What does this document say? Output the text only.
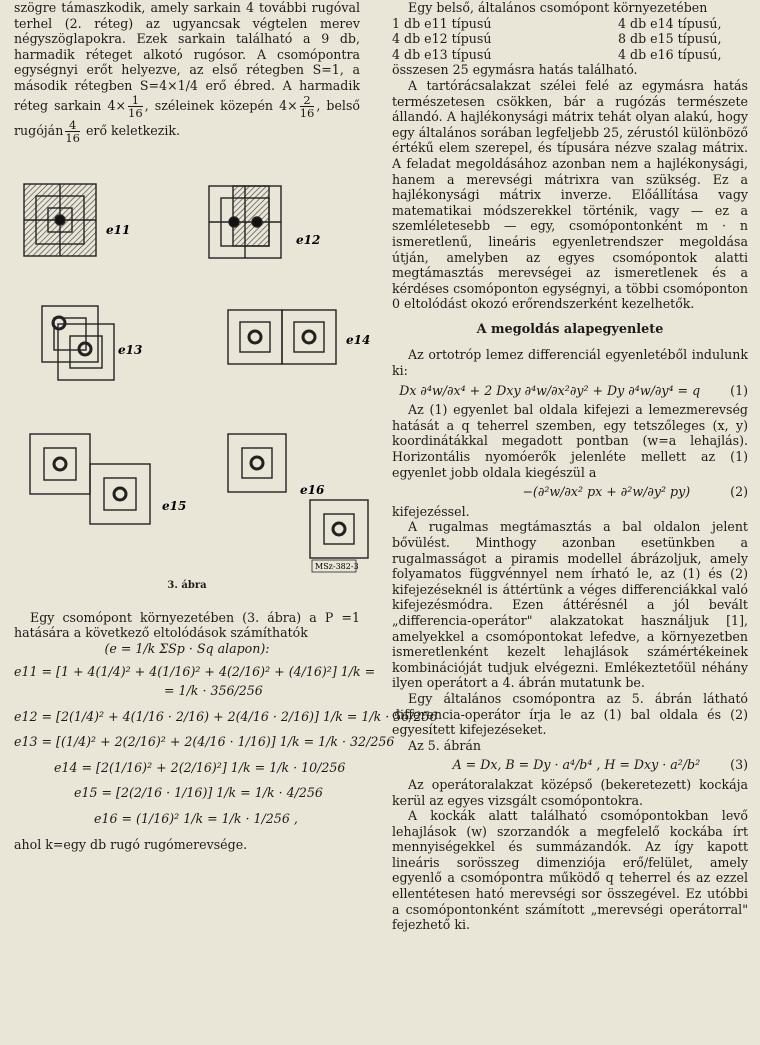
szögre támaszkodik, amely sarkain 4 további rugóval terhel (2. réteg) az ugyancsak végtelen merev négyszöglapokra. Ezek sarkain található a 9 db, harmadik réteget alkotó rugósor. A csomópontra egységnyi erőt helyezve, az első rétegben S=1, a második rétegben S=4×1/4 erő ébred. A harmadik réteg sarkain $4\times \frac{1}{16}$ , széleinek közepén $4\times \frac{2}{16}$ , belső rugóján $\frac{4}{16}$ erő keletkezik.

e11
e12
e13
e14
e15
e16
MSz-382-3
3. ábra

Egy csomópont környezetében (3. ábra) a P =1 hatására a következő eltolódások számíthatók

(e = 1/k ΣSp · Sq alapon):

e11 = [1 + 4(1/4)² + 4(1/16)² + 4(2/16)² + (4/16)²] 1/k =
= 1/k · 356/256
e12 = [2(1/4)² + 4(1/16 · 2/16) + 2(4/16 · 2/16)] 1/k = 1/k · 56/256
e13 = [(1/4)² + 2(2/16)² + 2(4/16 · 1/16)] 1/k = 1/k · 32/256
e14 = [2(1/16)² + 2(2/16)²] 1/k = 1/k · 10/256
e15 = [2(2/16 · 1/16)] 1/k = 1/k · 4/256
e16 = (1/16)² 1/k = 1/k · 1/256 ,

ahol k=egy db rugó rugómerevsége.

Egy belső, általános csomópont környezetében

1 db e11 típusú	4 db e14 típusú,
4 db e12 típusú	8 db e15 típusú,
4 db e13 típusú	4 db e16 típusú,

összesen 25 egymásra hatás található.

A tartórácsalakzat szélei felé az egymásra hatás természetesen csökken, bár a rugózás természete állandó. A hajlékonysági mátrix tehát olyan alakú, hogy egy általános sorában legfeljebb 25, zérustól különböző értékű elem szerepel, és típusára nézve szalag mátrix. A feladat megoldásához azonban nem a hajlékonysági, hanem a merevségi mátrixra van szükség. Ez a hajlékonysági mátrix inverze. Előállítása vagy matematikai módszerekkel történik, vagy — ez a szemléletesebb — egy, csomópontonként m · n ismeretlenű, lineáris egyenletrendszer megoldása útján, amelyben az egyes csomópontok alatti megtámasztás merevségei az ismeretlenek és a kérdéses csomóponton egységnyi, a többi csomóponton 0 eltolódást okozó erőrendszerként kezelhetők.

A megoldás alapegyenlete

Az ortotróp lemez differenciál egyenletéből indulunk ki:

Dx ∂⁴w/∂x⁴ + 2 Dxy ∂⁴w/∂x²∂y² + Dy ∂⁴w/∂y⁴ = q (1)

Az (1) egyenlet bal oldala kifejezi a lemezmerevség hatását a q teherrel szemben, egy tetszőleges (x, y) koordinátákkal megadott pontban (w=a lehajlás). Horizontális nyomóerők jelenléte mellett az (1) egyenlet jobb oldala kiegészül a

−(∂²w/∂x² px + ∂²w/∂y² py)	(2)

kifejezéssel.

A rugalmas megtámasztás a bal oldalon jelent bővülést. Minthogy azonban esetünkben a rugalmasságot a piramis modellel ábrázoljuk, amely folyamatos függvénnyel nem írható le, az (1) és (2) kifejezéseknél is áttértünk a véges differenciákkal való kifejezésmódra. Ezen áttérésnél a jól bevált „differencia-operátor" alakzatokat használjuk [1], amelyekkel a csomópontokat lefedve, a környezetben ismeretlenként kezelt lehajlások számértékeinek kombinációját tudjuk elvégezni. Emlékeztetőül néhány ilyen operátort a 4. ábrán mutatunk be.

Egy általános csomópontra az 5. ábrán látható differencia-operátor írja le az (1) bal oldala és (2) egyesített kifejezéseket.

Az 5. ábrán

A = Dx, B = Dy · a⁴/b⁴ , H = Dxy · a²/b² (3)

Az operátoralakzat középső (bekeretezett) kockája kerül az egyes vizsgált csomópontokra.

A kockák alatt található csomópontokban levő lehajlások (w) szorzandók a megfelelő kockába írt mennyiségekkel és summázandók. Az így kapott lineáris sorösszeg dimenziója erő/felület, amely egyenlő a csomópontra működő q teherrel és az ezzel ellentétesen ható merevségi sor összegével. Ez utóbbi a csomópontonként számított „merevségi operátorral" fejezhető ki.
